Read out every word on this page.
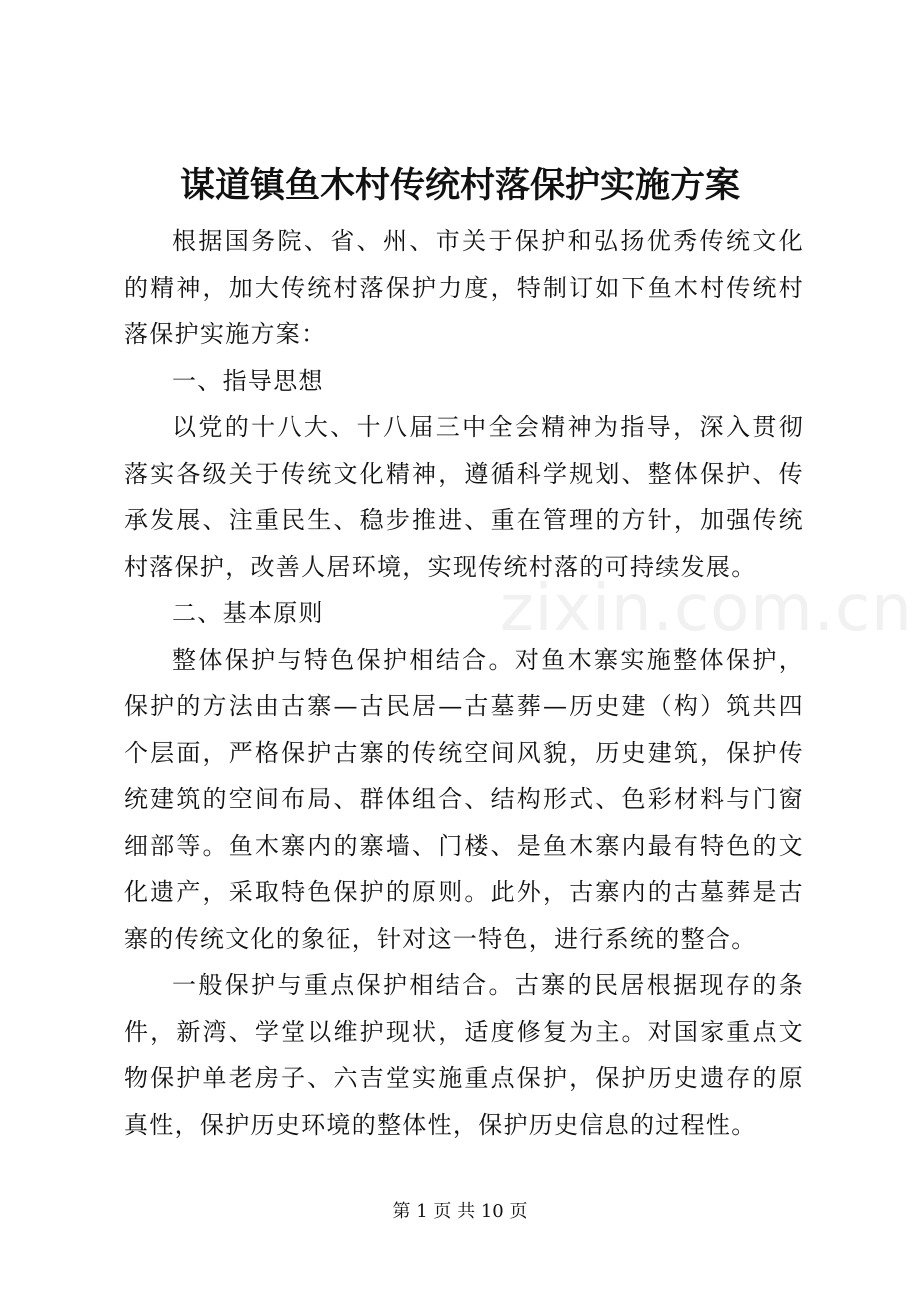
zixin.com.cn
谋道镇鱼木村传统村落保护实施方案

根据国务院、省、州、市关于保护和弘扬优秀传统文化的精神，加大传统村落保护力度，特制订如下鱼木村传统村落保护实施方案：

一、指导思想

以党的十八大、十八届三中全会精神为指导，深入贯彻落实各级关于传统文化精神，遵循科学规划、整体保护、传承发展、注重民生、稳步推进、重在管理的方针，加强传统村落保护，改善人居环境，实现传统村落的可持续发展。

二、基本原则

整体保护与特色保护相结合。对鱼木寨实施整体保护，保护的方法由古寨—古民居—古墓葬—历史建（构）筑共四个层面，严格保护古寨的传统空间风貌，历史建筑，保护传统建筑的空间布局、群体组合、结构形式、色彩材料与门窗细部等。鱼木寨内的寨墙、门楼、是鱼木寨内最有特色的文化遗产，采取特色保护的原则。此外，古寨内的古墓葬是古寨的传统文化的象征，针对这一特色，进行系统的整合。

一般保护与重点保护相结合。古寨的民居根据现存的条件，新湾、学堂以维护现状，适度修复为主。对国家重点文物保护单老房子、六吉堂实施重点保护，保护历史遗存的原真性，保护历史环境的整体性，保护历史信息的过程性。

第 1 页 共 10 页
